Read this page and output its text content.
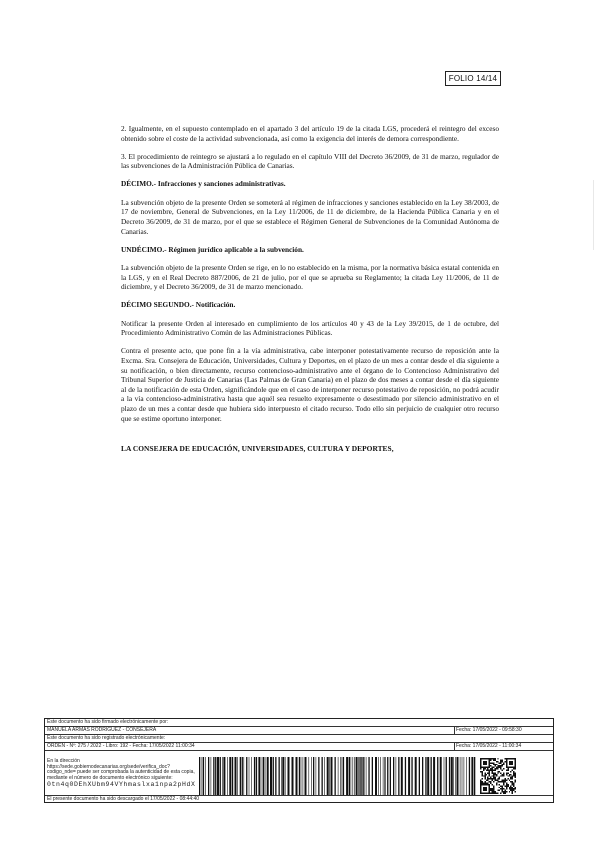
FOLIO 14/14

2. Igualmente, en el supuesto contemplado en el apartado 3 del artículo 19 de la citada LGS, procederá el reintegro del exceso obtenido sobre el coste de la actividad subvencionada, así como la exigencia del interés de demora correspondiente.

3. El procedimiento de reintegro se ajustará a lo regulado en el capítulo VIII del Decreto 36/2009, de 31 de marzo, regulador de las subvenciones de la Administración Pública de Canarias.

DÉCIMO.- Infracciones y sanciones administrativas.

La subvención objeto de la presente Orden se someterá al régimen de infracciones y sanciones establecido en la Ley 38/2003, de 17 de noviembre, General de Subvenciones, en la Ley 11/2006, de 11 de diciembre, de la Hacienda Pública Canaria y en el Decreto 36/2009, de 31 de marzo, por el que se establece el Régimen General de Subvenciones de la Comunidad Autónoma de Canarias.

UNDÉCIMO.- Régimen jurídico aplicable a la subvención.

La subvención objeto de la presente Orden se rige, en lo no establecido en la misma, por la normativa básica estatal contenida en la LGS, y en el Real Decreto 887/2006, de 21 de julio, por el que se aprueba su Reglamento; la citada Ley 11/2006, de 11 de diciembre, y el Decreto 36/2009, de 31 de marzo mencionado.

DÉCIMO SEGUNDO.- Notificación.

Notificar la presente Orden al interesado en cumplimiento de los artículos 40 y 43 de la Ley 39/2015, de 1 de octubre, del Procedimiento Administrativo Común de las Administraciones Públicas.

Contra el presente acto, que pone fin a la vía administrativa, cabe interponer potestativamente recurso de reposición ante la Excma. Sra. Consejera de Educación, Universidades, Cultura y Deportes, en el plazo de un mes a contar desde el día siguiente a su notificación, o bien directamente, recurso contencioso-administrativo ante el órgano de lo Contencioso Administrativo del Tribunal Superior de Justicia de Canarias (Las Palmas de Gran Canaria) en el plazo de dos meses a contar desde el día siguiente al de la notificación de esta Orden, significándole que en el caso de interponer recurso potestativo de reposición, no podrá acudir a la vía contencioso-administrativa hasta que aquél sea resuelto expresamente o desestimado por silencio administrativo en el plazo de un mes a contar desde que hubiera sido interpuesto el citado recurso. Todo ello sin perjuicio de cualquier otro recurso que se estime oportuno interponer.

LA CONSEJERA DE EDUCACIÓN, UNIVERSIDADES, CULTURA Y DEPORTES,

Este documento ha sido firmado electrónicamente por:
MANUELA ARMAS RODRIGUEZ - CONSEJERA	Fecha: 17/05/2022 - 09:58:30
Este documento ha sido registrado electrónicamente:
ORDEN - Nº: 275 / 2022 - Libro: 192 - Fecha: 17/05/2022 11:00:34	Fecha: 17/05/2022 - 11:00:34
En la dirección https://sede.gobiernodecanarias.org/sede/verifica_doc?codigo_nde= puede ser comprobada la autenticidad de esta copia, mediante el número de documento electrónico siguiente:
0tn4q0DEhXUbm94VYhmaslxa1npa2pHdX
El presente documento ha sido descargado el 17/05/2022 - 08:44:40
